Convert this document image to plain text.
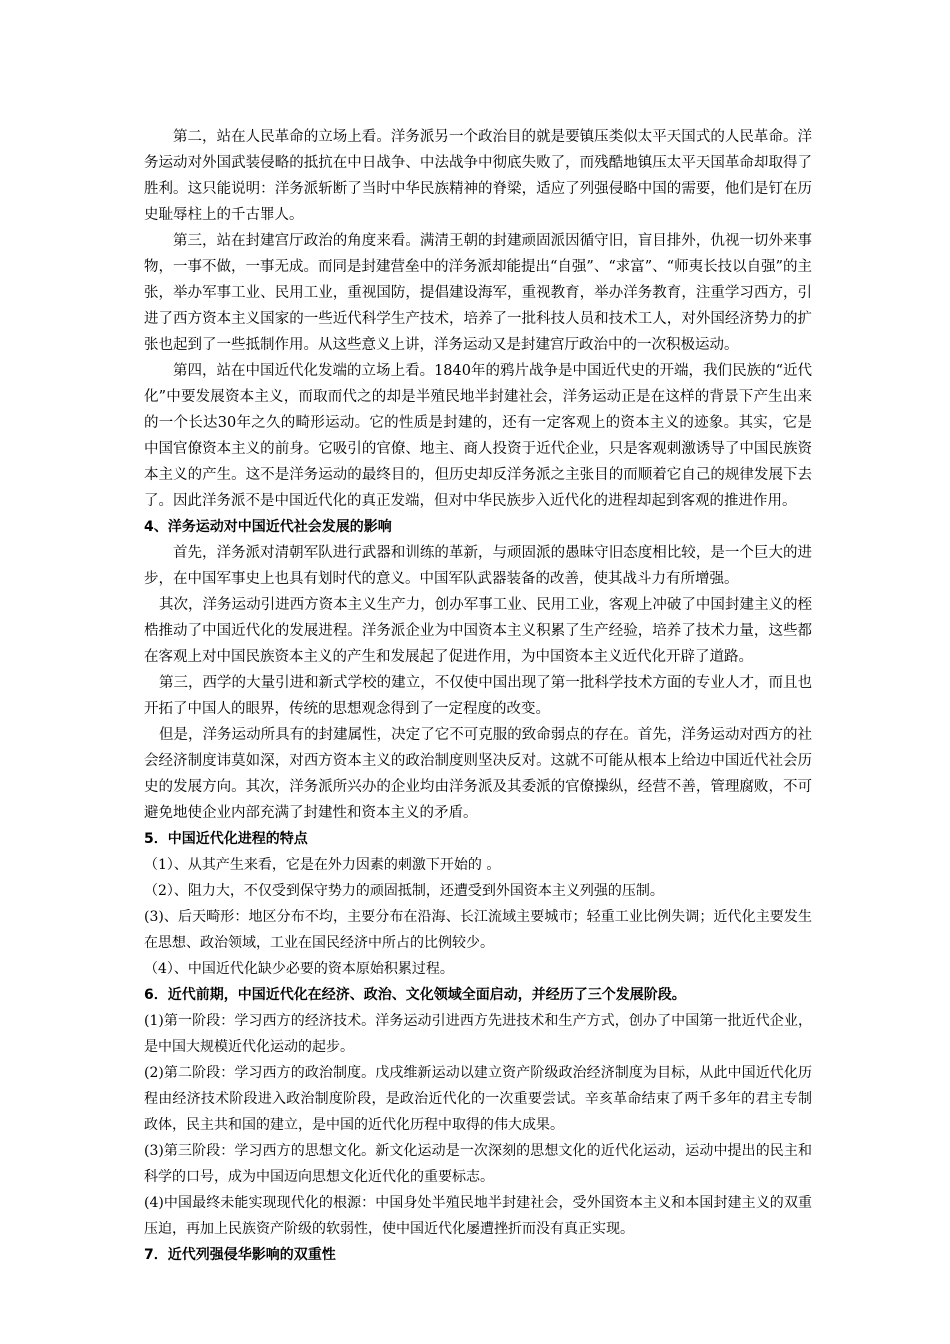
第二，站在人民革命的立场上看。洋务派另一个政治目的就是要镇压类似太平天国式的人民革命。洋务运动对外国武装侵略的抵抗在中日战争、中法战争中彻底失败了，而残酷地镇压太平天国革命却取得了胜利。这只能说明：洋务派斩断了当时中华民族精神的脊梁，适应了列强侵略中国的需要，他们是钉在历史耻辱柱上的千古罪人。

第三，站在封建宫厅政治的角度来看。满清王朝的封建顽固派因循守旧，盲目排外，仇视一切外来事物，一事不做，一事无成。而同是封建营垒中的洋务派却能提出“自强”、“求富”、“师夷长技以自强”的主张，举办军事工业、民用工业，重视国防，提倡建设海军，重视教育，举办洋务教育，注重学习西方，引进了西方资本主义国家的一些近代科学生产技术，培养了一批科技人员和技术工人，对外国经济势力的扩张也起到了一些抵制作用。从这些意义上讲，洋务运动又是封建宫厅政治中的一次积极运动。

第四，站在中国近代化发端的立场上看。1840年的鸦片战争是中国近代史的开端，我们民族的“近代化”中要发展资本主义，而取而代之的却是半殖民地半封建社会，洋务运动正是在这样的背景下产生出来的一个长达30年之久的畸形运动。它的性质是封建的，还有一定客观上的资本主义的迹象。其实，它是中国官僚资本主义的前身。它吸引的官僚、地主、商人投资于近代企业，只是客观刺激诱导了中国民族资本主义的产生。这不是洋务运动的最终目的，但历史却反洋务派之主张目的而顺着它自己的规律发展下去了。因此洋务派不是中国近代化的真正发端，但对中华民族步入近代化的进程却起到客观的推进作用。

4、洋务运动对中国近代社会发展的影响

首先，洋务派对清朝军队进行武器和训练的革新，与顽固派的愚昧守旧态度相比较，是一个巨大的进步，在中国军事史上也具有划时代的意义。中国军队武器装备的改善，使其战斗力有所增强。

其次，洋务运动引进西方资本主义生产力，创办军事工业、民用工业，客观上冲破了中国封建主义的桎梏推动了中国近代化的发展进程。洋务派企业为中国资本主义积累了生产经验，培养了技术力量，这些都在客观上对中国民族资本主义的产生和发展起了促进作用，为中国资本主义近代化开辟了道路。

第三，西学的大量引进和新式学校的建立，不仅使中国出现了第一批科学技术方面的专业人才，而且也开拓了中国人的眼界，传统的思想观念得到了一定程度的改变。

但是，洋务运动所具有的封建属性，决定了它不可克服的致命弱点的存在。首先，洋务运动对西方的社会经济制度讳莫如深，对西方资本主义的政治制度则坚决反对。这就不可能从根本上给边中国近代社会历史的发展方向。其次，洋务派所兴办的企业均由洋务派及其委派的官僚操纵，经营不善，管理腐败，不可避免地使企业内部充满了封建性和资本主义的矛盾。

5．中国近代化进程的特点

（1）、从其产生来看，它是在外力因素的刺激下开始的 。

（2）、阻力大，不仅受到保守势力的顽固抵制，还遭受到外国资本主义列强的压制。

(3)、后天畸形：地区分布不均，主要分布在沿海、长江流域主要城市；轻重工业比例失调；近代化主要发生在思想、政治领域，工业在国民经济中所占的比例较少。

（4）、中国近代化缺少必要的资本原始积累过程。

6．近代前期，中国近代化在经济、政治、文化领域全面启动，并经历了三个发展阶段。

(1)第一阶段：学习西方的经济技术。洋务运动引进西方先进技术和生产方式，创办了中国第一批近代企业，是中国大规模近代化运动的起步。

(2)第二阶段：学习西方的政治制度。戊戌维新运动以建立资产阶级政治经济制度为目标，从此中国近代化历程由经济技术阶段进入政治制度阶段，是政治近代化的一次重要尝试。辛亥革命结束了两千多年的君主专制政体，民主共和国的建立，是中国的近代化历程中取得的伟大成果。

(3)第三阶段：学习西方的思想文化。新文化运动是一次深刻的思想文化的近代化运动，运动中提出的民主和科学的口号，成为中国迈向思想文化近代化的重要标志。

(4)中国最终未能实现现代化的根源：中国身处半殖民地半封建社会，受外国资本主义和本国封建主义的双重压迫，再加上民族资产阶级的软弱性，使中国近代化屡遭挫折而没有真正实现。

7．近代列强侵华影响的双重性
